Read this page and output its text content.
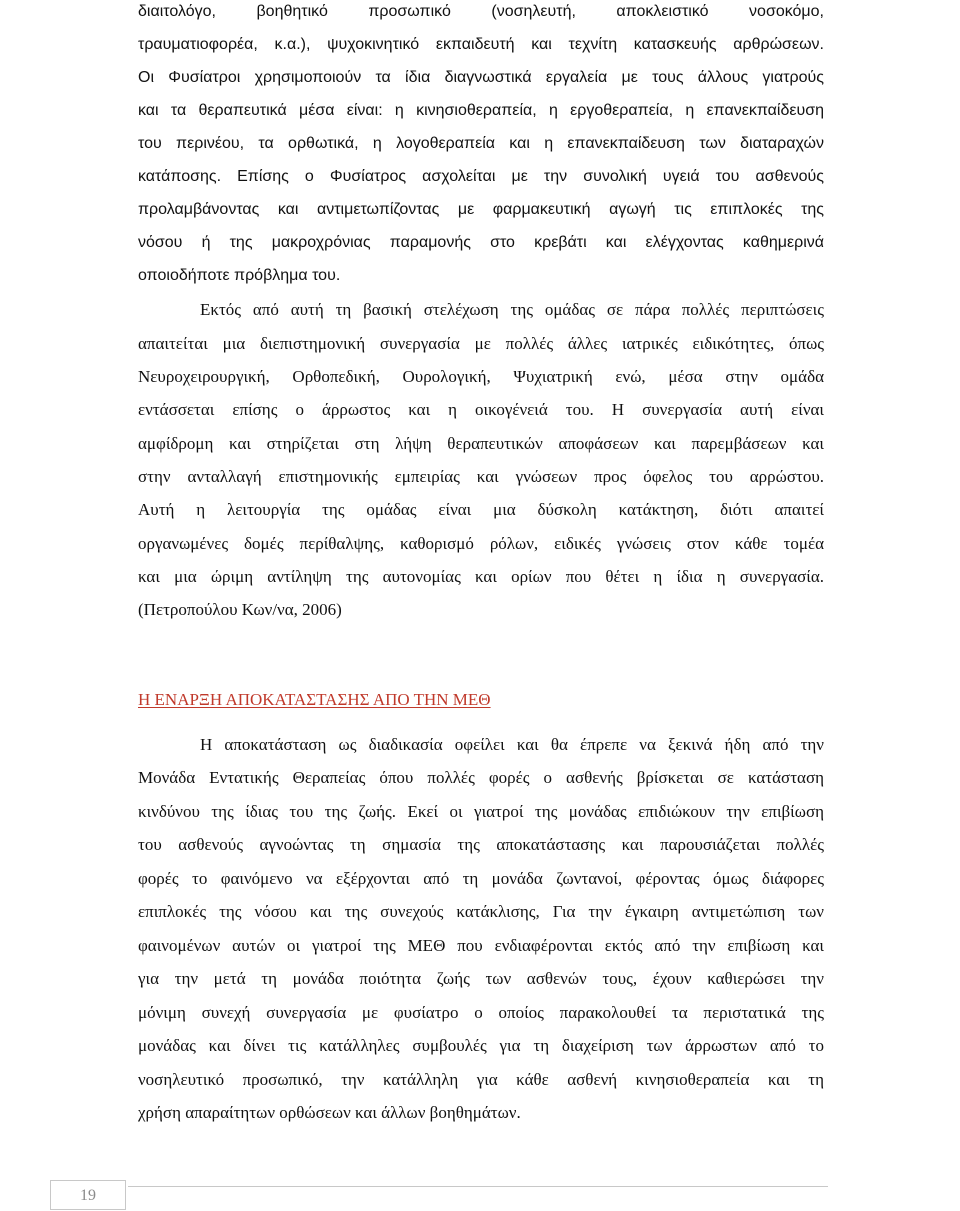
διαιτολόγο, βοηθητικό προσωπικό (νοσηλευτή, αποκλειστικό νοσοκόμο,
τραυματιοφορέα, κ.α.), ψυχοκινητικό εκπαιδευτή και τεχνίτη κατασκευής αρθρώσεων.
Οι Φυσίατροι χρησιμοποιούν τα ίδια διαγνωστικά εργαλεία με τους άλλους γιατρούς
και τα θεραπευτικά μέσα είναι: η κινησιοθεραπεία, η εργοθεραπεία, η επανεκπαίδευση
του περινέου, τα ορθωτικά, η λογοθεραπεία και η επανεκπαίδευση των διαταραχών
κατάποσης. Επίσης ο Φυσίατρος ασχολείται με την συνολική υγειά του ασθενούς
προλαμβάνοντας και αντιμετωπίζοντας με φαρμακευτική αγωγή τις επιπλοκές της
νόσου ή της μακροχρόνιας παραμονής στο κρεβάτι και ελέγχοντας καθημερινά
οποιοδήποτε πρόβλημα του.
Εκτός από αυτή τη βασική στελέχωση της ομάδας σε πάρα πολλές περιπτώσεις
απαιτείται μια διεπιστημονική συνεργασία με πολλές άλλες ιατρικές ειδικότητες, όπως
Νευροχειρουργική, Ορθοπεδική, Ουρολογική, Ψυχιατρική ενώ, μέσα στην ομάδα
εντάσσεται επίσης ο άρρωστος και η οικογένειά του. Η συνεργασία αυτή είναι
αμφίδρομη και στηρίζεται στη λήψη θεραπευτικών αποφάσεων και παρεμβάσεων και
στην ανταλλαγή επιστημονικής εμπειρίας και γνώσεων προς όφελος του αρρώστου.
Αυτή η λειτουργία της ομάδας είναι μια δύσκολη κατάκτηση, διότι απαιτεί
οργανωμένες δομές περίθαλψης, καθορισμό ρόλων, ειδικές γνώσεις στον κάθε τομέα
και μια ώριμη αντίληψη της αυτονομίας και ορίων που θέτει η ίδια η συνεργασία.
(Πετροπούλου Κων/να, 2006)
Η ΕΝΑΡΞΗ ΑΠΟΚΑΤΑΣΤΑΣΗΣ ΑΠΟ ΤΗΝ ΜΕΘ
Η αποκατάσταση ως διαδικασία οφείλει και θα έπρεπε να ξεκινά ήδη από την
Μονάδα Εντατικής Θεραπείας όπου πολλές φορές ο ασθενής βρίσκεται σε κατάσταση
κινδύνου της ίδιας του της ζωής. Εκεί οι γιατροί της μονάδας επιδιώκουν την επιβίωση
του ασθενούς αγνοώντας τη σημασία της αποκατάστασης και παρουσιάζεται πολλές
φορές το φαινόμενο να εξέρχονται από τη μονάδα ζωντανοί, φέροντας όμως διάφορες
επιπλοκές της νόσου και της συνεχούς κατάκλισης, Για την έγκαιρη αντιμετώπιση των
φαινομένων αυτών οι γιατροί της ΜΕΘ που ενδιαφέρονται εκτός από την επιβίωση και
για την μετά τη μονάδα ποιότητα ζωής των ασθενών τους, έχουν καθιερώσει την
μόνιμη συνεχή συνεργασία με φυσίατρο ο οποίος παρακολουθεί τα περιστατικά της
μονάδας και δίνει τις κατάλληλες συμβουλές για τη διαχείριση των άρρωστων από το
νοσηλευτικό προσωπικό, την κατάλληλη για κάθε ασθενή κινησιοθεραπεία και τη
χρήση απαραίτητων ορθώσεων και άλλων βοηθημάτων.
19
